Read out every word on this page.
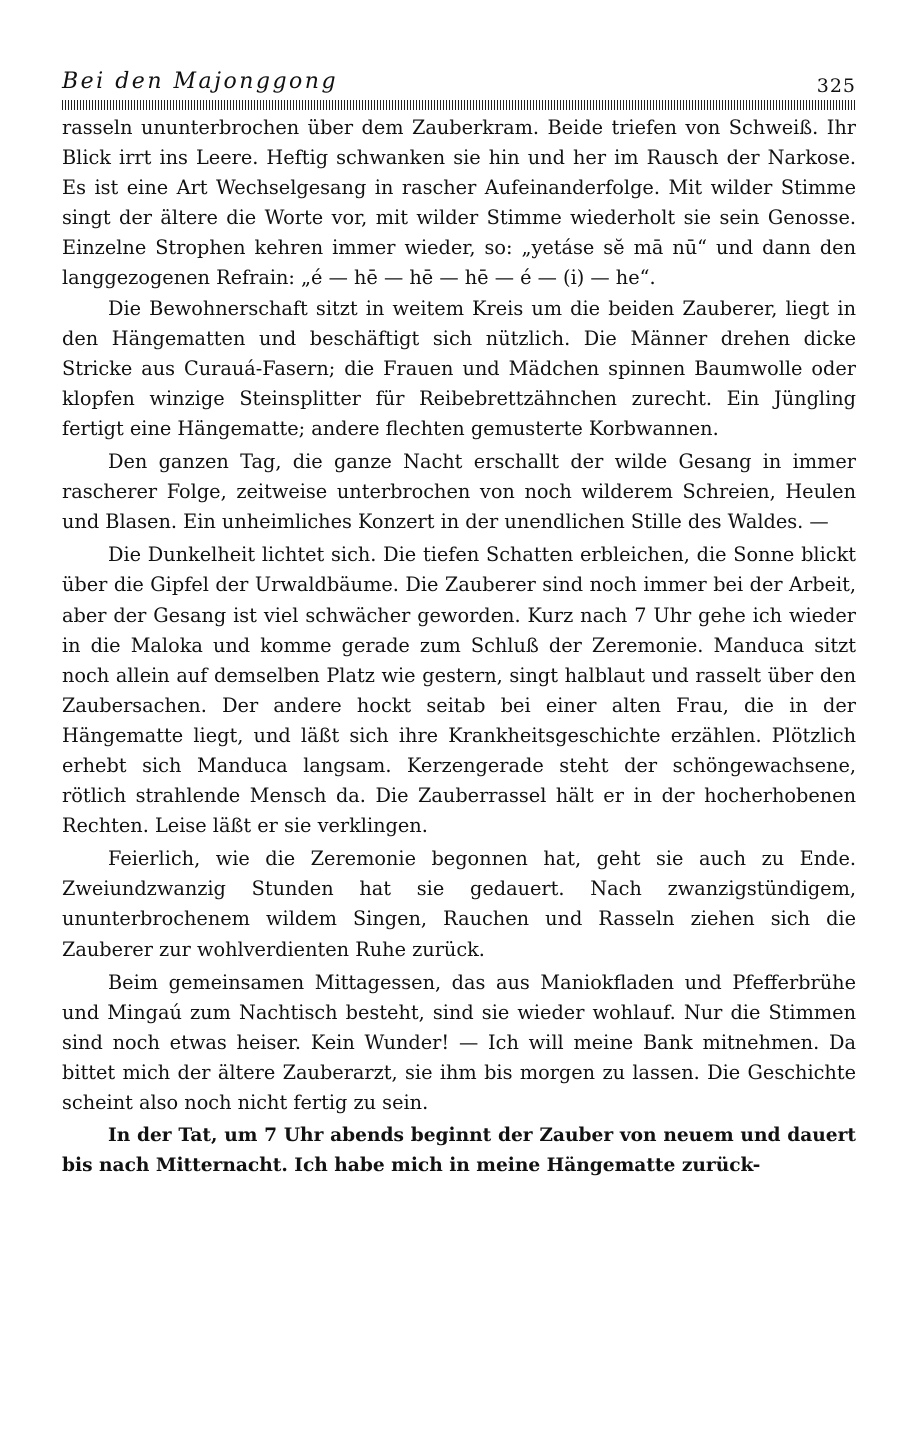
Bei den Majonggong	325

rasseln ununterbrochen über dem Zauberkram. Beide triefen von Schweiß. Ihr Blick irrt ins Leere. Heftig schwanken sie hin und her im Rausch der Narkose. Es ist eine Art Wechselgesang in rascher Aufeinanderfolge. Mit wilder Stimme singt der ältere die Worte vor, mit wilder Stimme wiederholt sie sein Genosse. Einzelne Strophen kehren immer wieder, so: „yetáse sĕ mā nū“ und dann den langgezogenen Refrain: „é — hē — hē — hē — é — (i) — he“.

Die Bewohnerschaft sitzt in weitem Kreis um die beiden Zauberer, liegt in den Hängematten und beschäftigt sich nützlich. Die Männer drehen dicke Stricke aus Curauá-Fasern; die Frauen und Mädchen spinnen Baumwolle oder klopfen winzige Steinsplitter für Reibebrettzähnchen zurecht. Ein Jüngling fertigt eine Hängematte; andere flechten gemusterte Korbwannen.

Den ganzen Tag, die ganze Nacht erschallt der wilde Gesang in immer rascherer Folge, zeitweise unterbrochen von noch wilderem Schreien, Heulen und Blasen. Ein unheimliches Konzert in der unendlichen Stille des Waldes. —

Die Dunkelheit lichtet sich. Die tiefen Schatten erbleichen, die Sonne blickt über die Gipfel der Urwaldbäume. Die Zauberer sind noch immer bei der Arbeit, aber der Gesang ist viel schwächer geworden. Kurz nach 7 Uhr gehe ich wieder in die Maloka und komme gerade zum Schluß der Zeremonie. Manduca sitzt noch allein auf demselben Platz wie gestern, singt halblaut und rasselt über den Zaubersachen. Der andere hockt seitab bei einer alten Frau, die in der Hängematte liegt, und läßt sich ihre Krankheitsgeschichte erzählen. Plötzlich erhebt sich Manduca langsam. Kerzengerade steht der schöngewachsene, rötlich strahlende Mensch da. Die Zauberrassel hält er in der hocherhobenen Rechten. Leise läßt er sie verklingen.

Feierlich, wie die Zeremonie begonnen hat, geht sie auch zu Ende. Zweiundzwanzig Stunden hat sie gedauert. Nach zwanzigstündigem, ununterbrochenem wildem Singen, Rauchen und Rasseln ziehen sich die Zauberer zur wohlverdienten Ruhe zurück.

Beim gemeinsamen Mittagessen, das aus Maniokfladen und Pfefferbrühe und Mingaú zum Nachtisch besteht, sind sie wieder wohlauf. Nur die Stimmen sind noch etwas heiser. Kein Wunder! — Ich will meine Bank mitnehmen. Da bittet mich der ältere Zauberarzt, sie ihm bis morgen zu lassen. Die Geschichte scheint also noch nicht fertig zu sein.

In der Tat, um 7 Uhr abends beginnt der Zauber von neuem und dauert bis nach Mitternacht. Ich habe mich in meine Hängematte zurück-
